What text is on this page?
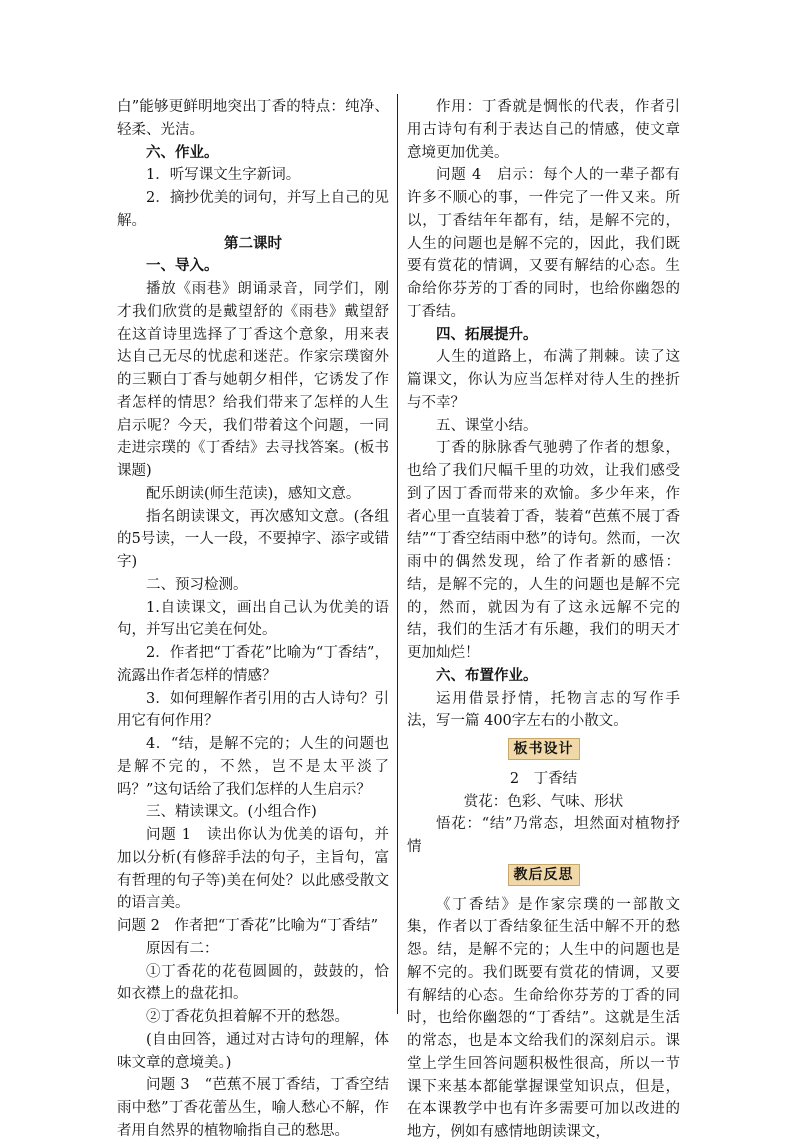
白”能够更鲜明地突出丁香的特点：纯净、轻柔、光洁。

六、作业。

1．听写课文生字新词。

2．摘抄优美的词句，并写上自己的见解。

第二课时

一、导入。

播放《雨巷》朗诵录音，同学们，刚才我们欣赏的是戴望舒的《雨巷》戴望舒在这首诗里选择了丁香这个意象，用来表达自己无尽的忧虑和迷茫。作家宗璞窗外的三颗白丁香与她朝夕相伴，它诱发了作者怎样的情思？给我们带来了怎样的人生启示呢？今天，我们带着这个问题，一同走进宗璞的《丁香结》去寻找答案。(板书课题)

配乐朗读(师生范读)，感知文意。

指名朗读课文，再次感知文意。(各组的5号读，一人一段，不要掉字、添字或错字)

二、预习检测。

1.自读课文，画出自己认为优美的语句，并写出它美在何处。

2．作者把“丁香花”比喻为“丁香结”，流露出作者怎样的情感？

3．如何理解作者引用的古人诗句？引用它有何作用？

4．“结，是解不完的；人生的问题也是解不完的，不然，岂不是太平淡了吗？”这句话给了我们怎样的人生启示？

三、精读课文。(小组合作)

问题 1　读出你认为优美的语句，并加以分析(有修辞手法的句子，主旨句，富有哲理的句子等)美在何处？以此感受散文的语言美。

问题 2　作者把“丁香花”比喻为“丁香结”

原因有二：

①丁香花的花苞圆圆的，鼓鼓的，恰如衣襟上的盘花扣。

②丁香花负担着解不开的愁怨。

(自由回答，通过对古诗句的理解，体味文章的意境美。)

问题 3　“芭蕉不展丁香结，丁香空结雨中愁”丁香花蕾丛生，喻人愁心不解，作者用自然界的植物喻指自己的愁思。

作用：丁香就是惆怅的代表，作者引用古诗句有利于表达自己的情感，使文章意境更加优美。

问题 4　启示：每个人的一辈子都有许多不顺心的事，一件完了一件又来。所以，丁香结年年都有，结，是解不完的，人生的问题也是解不完的，因此，我们既要有赏花的情调，又要有解结的心态。生命给你芬芳的丁香的同时，也给你幽怨的丁香结。

四、拓展提升。

人生的道路上，布满了荆棘。读了这篇课文，你认为应当怎样对待人生的挫折与不幸？

五、课堂小结。

丁香的脉脉香气驰骋了作者的想象，也给了我们尺幅千里的功效，让我们感受到了因丁香而带来的欢愉。多少年来，作者心里一直装着丁香，装着“芭蕉不展丁香结”“丁香空结雨中愁”的诗句。然而，一次雨中的偶然发现，给了作者新的感悟：结，是解不完的，人生的问题也是解不完的，然而，就因为有了这永远解不完的结，我们的生活才有乐趣，我们的明天才更加灿烂！

六、布置作业。

运用借景抒情，托物言志的写作手法，写一篇 400字左右的小散文。

板书设计

2　丁香结

赏花：色彩、气味、形状

悟花：“结”乃常态，坦然面对植物抒情

教后反思

《丁香结》是作家宗璞的一部散文集，作者以丁香结象征生活中解不开的愁怨。结，是解不完的；人生中的问题也是解不完的。我们既要有赏花的情调，又要有解结的心态。生命给你芬芳的丁香的同时，也给你幽怨的“丁香结”。这就是生活的常态，也是本文给我们的深刻启示。课堂上学生回答问题积极性很高，所以一节课下来基本都能掌握课堂知识点，但是，在本课教学中也有许多需要可加以改进的地方，例如有感情地朗读课文，
